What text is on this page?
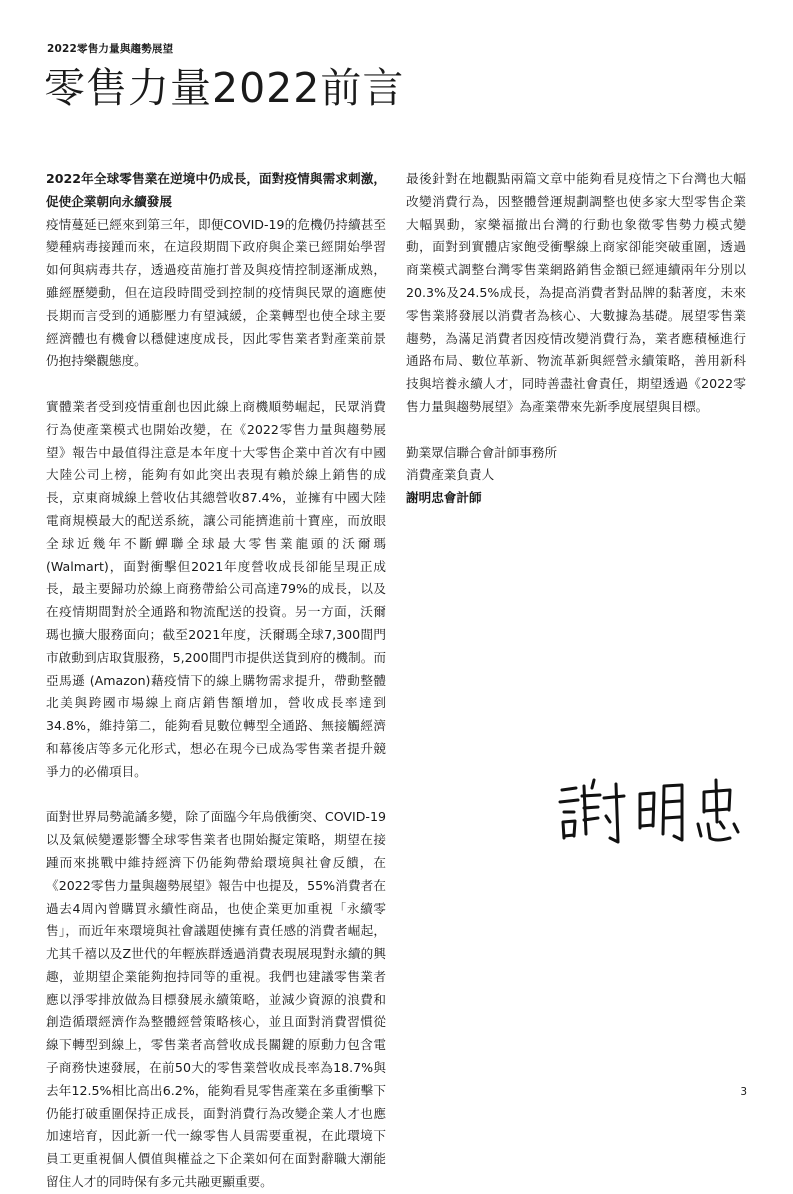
2022零售力量與趨勢展望
零售力量2022前言

2022年全球零售業在逆境中仍成長，面對疫情與需求刺激，促使企業朝向永續發展

疫情蔓延已經來到第三年，即便COVID-19的危機仍持續甚至變種病毒接踵而來，在這段期間下政府與企業已經開始學習如何與病毒共存，透過疫苗施打普及與疫情控制逐漸成熟，雖經歷變動，但在這段時間受到控制的疫情與民眾的適應使長期而言受到的通膨壓力有望減緩，企業轉型也使全球主要經濟體也有機會以穩健速度成長，因此零售業者對產業前景仍抱持樂觀態度。

實體業者受到疫情重創也因此線上商機順勢崛起，民眾消費行為使產業模式也開始改變，在《2022零售力量與趨勢展望》報告中最值得注意是本年度十大零售企業中首次有中國大陸公司上榜，能夠有如此突出表現有賴於線上銷售的成長，京東商城線上營收佔其總營收87.4%，並擁有中國大陸電商規模最大的配送系統，讓公司能擠進前十寶座，而放眼全球近幾年不斷蟬聯全球最大零售業龍頭的沃爾瑪 (Walmart)，面對衝擊但2021年度營收成長卻能呈現正成長，最主要歸功於線上商務帶給公司高達79%的成長，以及在疫情期間對於全通路和物流配送的投資。另一方面，沃爾瑪也擴大服務面向；截至2021年度，沃爾瑪全球7,300間門市啟動到店取貨服務，5,200間門市提供送貨到府的機制。而亞馬遜 (Amazon)藉疫情下的線上購物需求提升，帶動整體北美與跨國市場線上商店銷售額增加，營收成長率達到34.8%，維持第二，能夠看見數位轉型全通路、無接觸經濟和幕後店等多元化形式，想必在現今已成為零售業者提升競爭力的必備項目。

面對世界局勢詭譎多變，除了面臨今年烏俄衝突、COVID-19以及氣候變遷影響全球零售業者也開始擬定策略，期望在接踵而來挑戰中維持經濟下仍能夠帶給環境與社會反饋，在《2022零售力量與趨勢展望》報告中也提及，55%消費者在過去4周內曾購買永續性商品，也使企業更加重視「永續零售」，而近年來環境與社會議題使擁有責任感的消費者崛起，尤其千禧以及Z世代的年輕族群透過消費表現展現對永續的興趣，並期望企業能夠抱持同等的重視。我們也建議零售業者應以淨零排放做為目標發展永續策略，並減少資源的浪費和創造循環經濟作為整體經營策略核心，並且面對消費習慣從線下轉型到線上，零售業者高營收成長關鍵的原動力包含電子商務快速發展，在前50大的零售業營收成長率為18.7%與去年12.5%相比高出6.2%，能夠看見零售產業在多重衝擊下仍能打破重圍保持正成長，面對消費行為改變企業人才也應加速培育，因此新一代一線零售人員需要重視，在此環境下員工更重視個人價值與權益之下企業如何在面對辭職大潮能留住人才的同時保有多元共融更顯重要。

最後針對在地觀點兩篇文章中能夠看見疫情之下台灣也大幅改變消費行為，因整體營運規劃調整也使多家大型零售企業大幅異動，家樂福撤出台灣的行動也象徵零售勢力模式變動，面對到實體店家飽受衝擊線上商家卻能突破重圍，透過商業模式調整台灣零售業網路銷售金額已經連續兩年分別以20.3%及24.5%成長，為提高消費者對品牌的黏著度，未來零售業將發展以消費者為核心、大數據為基礎。展望零售業趨勢，為滿足消費者因疫情改變消費行為，業者應積極進行通路布局、數位革新、物流革新與經營永續策略，善用新科技與培養永續人才，同時善盡社會責任，期望透過《2022零售力量與趨勢展望》為產業帶來先新季度展望與目標。

勤業眾信聯合會計師事務所
消費產業負責人
謝明忠會計師
3
